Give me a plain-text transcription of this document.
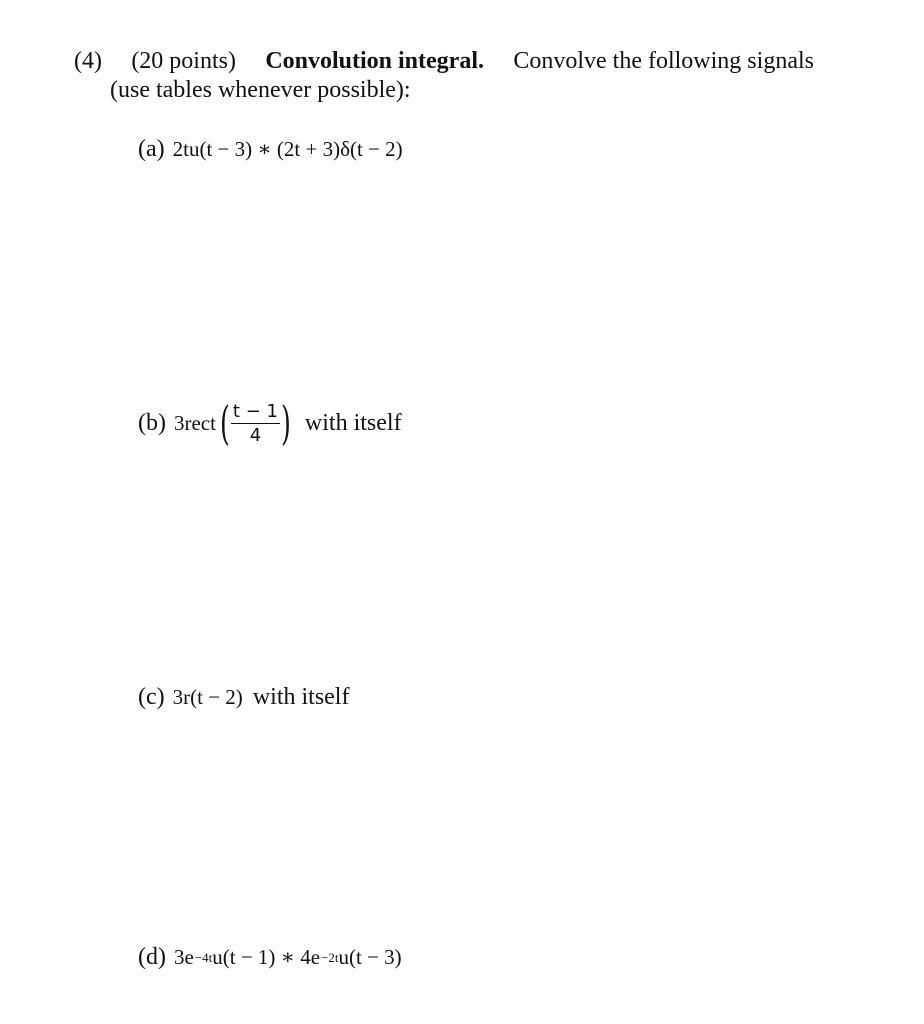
(4) (20 points) Convolution integral. Convolve the following signals
(use tables whenever possible):
(a) 2tu(t − 3) ∗ (2t + 3)δ(t − 2)
(b) 3rect ( $\frac{t - 1}{4}$ ) with itself
(c) 3r(t − 2) with itself
(d) 3e −4t u(t − 1) ∗ 4e −2t u(t − 3)
